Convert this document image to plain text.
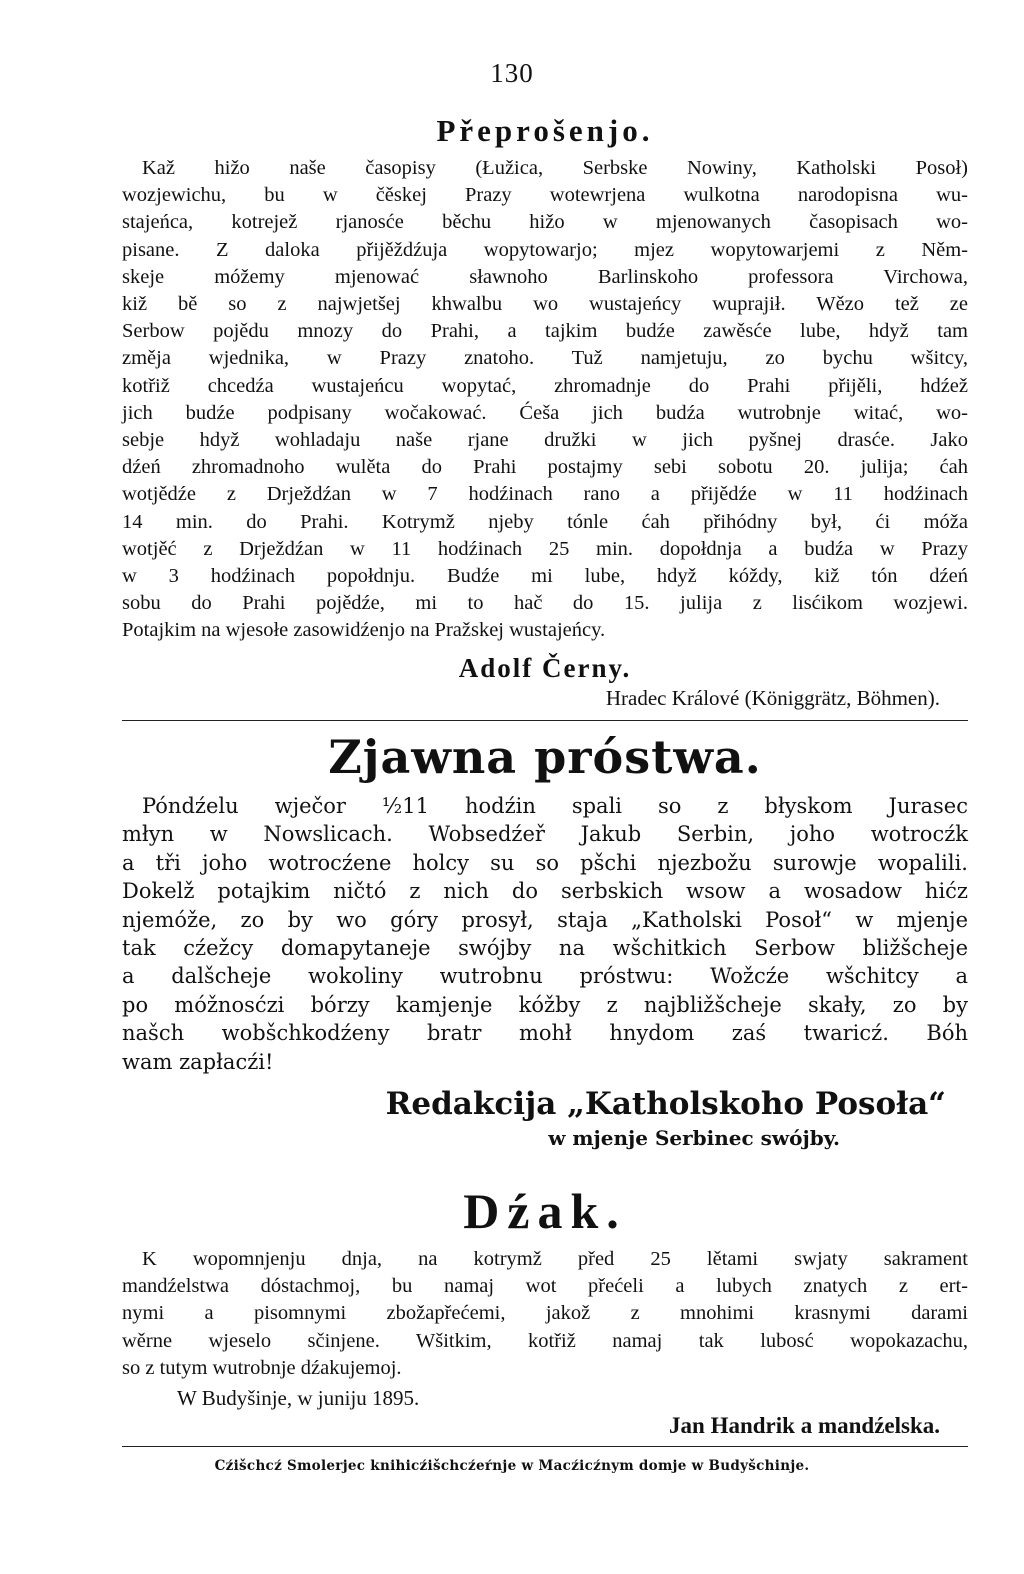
130
Přeprošenjo.
Kaž hižo naše časopisy (Łužica, Serbske Nowiny, Katholski Posoł)
wozjewichu, bu w čěskej Prazy wotewrjena wulkotna narodopisna wu-
stajeńca, kotrejež rjanosće běchu hižo w mjenowanych časopisach wo-
pisane. Z daloka přijěždźuja wopytowarjo; mjez wopytowarjemi z Něm-
skeje móžemy mjenować sławnoho Barlinskoho professora Virchowa,
kiž bě so z najwjetšej khwalbu wo wustajeńcy wuprajił. Wězo tež ze
Serbow pojědu mnozy do Prahi, a tajkim budźe zawěsće lube, hdyž tam
změja wjednika, w Prazy znatoho. Tuž namjetuju, zo bychu wšitcy,
kotřiž chcedźa wustajeńcu wopytać, zhromadnje do Prahi přijěli, hdźež
jich budźe podpisany wočakować. Ćeša jich budźa wutrobnje witać, wo-
sebje hdyž wohladaju naše rjane družki w jich pyšnej drasće. Jako
dźeń zhromadnoho wulěta do Prahi postajmy sebi sobotu 20. julija; ćah
wotjědźe z Drježdźan w 7 hodźinach rano a přijědźe w 11 hodźinach
14 min. do Prahi. Kotrymž njeby tónle ćah přihódny był, ći móža
wotjěć z Drježdźan w 11 hodźinach 25 min. dopołdnja a budźa w Prazy
w 3 hodźinach popołdnju. Budźe mi lube, hdyž kóždy, kiž tón dźeń
sobu do Prahi pojědźe, mi to hač do 15. julija z lisćikom wozjewi.
Potajkim na wjesołe zasowidźenjo na Pražskej wustajeńcy.
Adolf Černy.
Hradec Králové (Königgrätz, Böhmen).
Zjawna próstwa.
Póndźelu wječor ½11 hodźin spali so z błyskom Jurasec
młyn w Nowslicach. Wobsedźeř Jakub Serbin, joho wotrocźk
a tři joho wotrocźene holcy su so pšchi njezbožu surowje wopalili.
Dokelž potajkim ničtó z nich do serbskich wsow a wosadow hićz
njemóže, zo by wo góry prosył, staja „Katholski Posoł“ w mjenje
tak cźežcy domapytaneje swójby na wšchitkich Serbow bližšcheje
a dalšcheje wokoliny wutrobnu próstwu: Wožcźe wšchitcy a
po móžnosćzi bórzy kamjenje kóžby z najbližšcheje skały, zo by
našch wobšchkodźeny bratr mohł hnydom zaś twaricź. Bóh
wam zapłacźi!
Redakcija „Katholskoho Posoła“
w mjenje Serbinec swójby.
Dźak.
K wopomnjenju dnja, na kotrymž před 25 lětami swjaty sakrament
mandźelstwa dóstachmoj, bu namaj wot přećeli a lubych znatych z ert-
nymi a pisomnymi zbožapřećemi, jakož z mnohimi krasnymi darami
wěrne wjeselo sčinjene. Wšitkim, kotřiž namaj tak lubosć wopokazachu,
so z tutym wutrobnje dźakujemoj.
W Budyšinje, w juniju 1895.
Jan Handrik a mandźelska.
Cźišchcź Smolerjec knihicźišchcźeŕnje w Macźicźnym domje w Budyšchinje.
